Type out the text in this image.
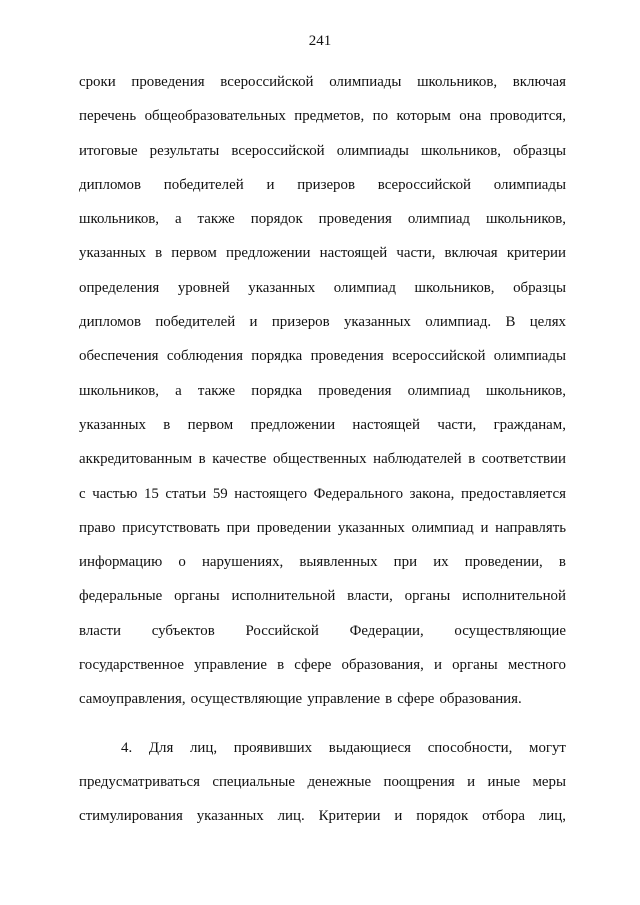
241
сроки проведения всероссийской олимпиады школьников, включая
перечень общеобразовательных предметов, по которым она проводится,
итоговые результаты всероссийской олимпиады школьников, образцы
дипломов победителей и призеров всероссийской олимпиады
школьников, а также порядок проведения олимпиад школьников,
указанных в первом предложении настоящей части, включая критерии
определения уровней указанных олимпиад школьников, образцы
дипломов победителей и призеров указанных олимпиад. В целях
обеспечения соблюдения порядка проведения всероссийской олимпиады
школьников, а также порядка проведения олимпиад школьников,
указанных в первом предложении настоящей части, гражданам,
аккредитованным в качестве общественных наблюдателей в соответствии
с частью 15 статьи 59 настоящего Федерального закона, предоставляется
право присутствовать при проведении указанных олимпиад и направлять
информацию о нарушениях, выявленных при их проведении, в
федеральные органы исполнительной власти, органы исполнительной
власти субъектов Российской Федерации, осуществляющие
государственное управление в сфере образования, и органы местного
самоуправления, осуществляющие управление в сфере образования.
4. Для лиц, проявивших выдающиеся способности, могут
предусматриваться специальные денежные поощрения и иные меры
стимулирования указанных лиц. Критерии и порядок отбора лиц,
